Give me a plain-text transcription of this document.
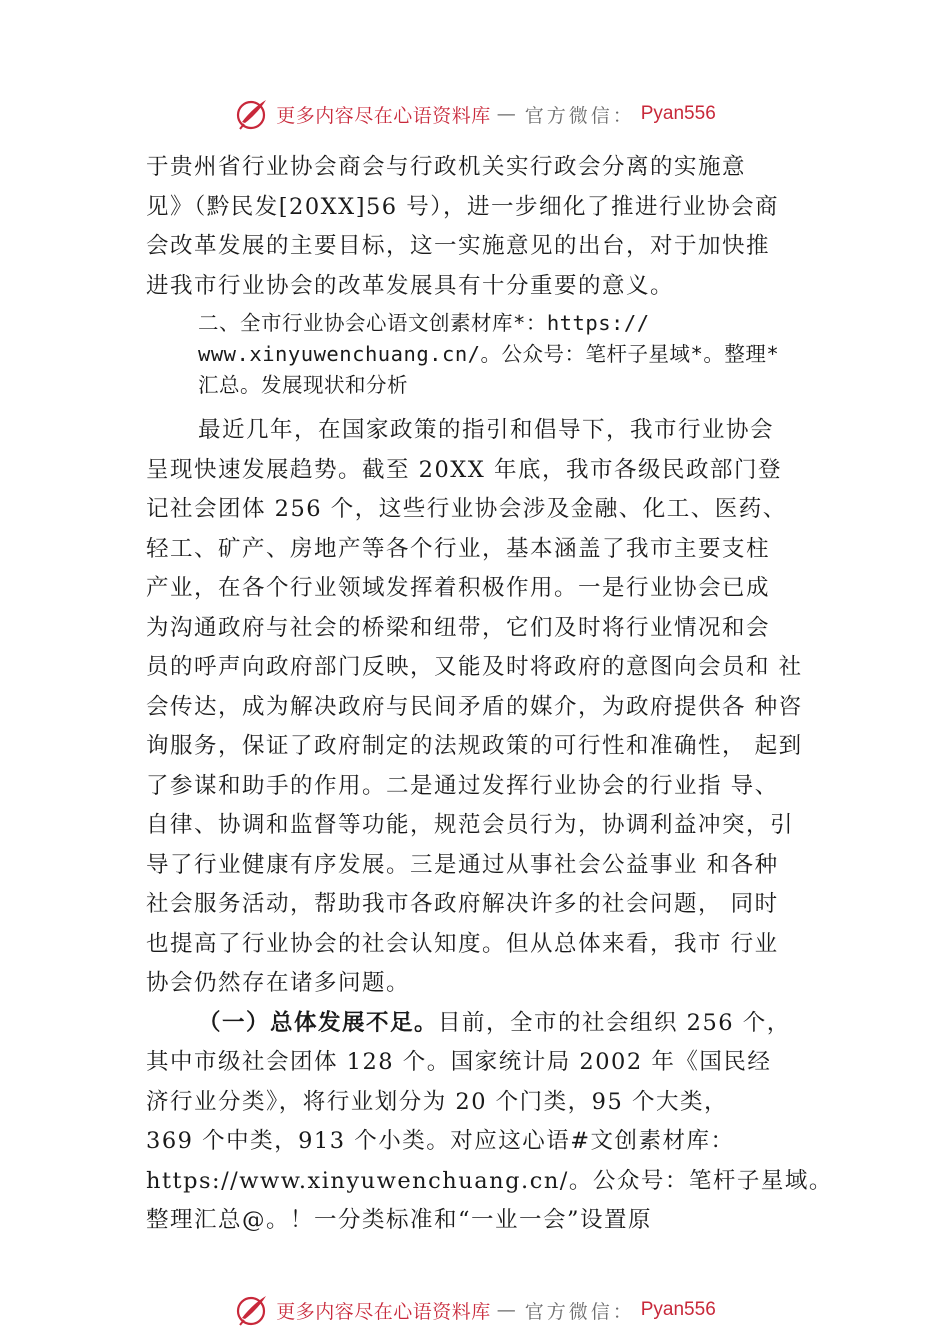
更多内容尽在心语资料库 — 官方微信： Pyan556
于贵州省行业协会商会与行政机关实行政会分离的实施意
见》（黔民发[20XX]56 号），进一步细化了推进行业协会商
会改革发展的主要目标，这一实施意见的出台，对于加快推
进我市行业协会的改革发展具有十分重要的意义。
二、全市行业协会心语文创素材库*：https://
www.xinyuwenchuang.cn/。公众号：笔杆子星域*。整理*
汇总。发展现状和分析
最近几年，在国家政策的指引和倡导下，我市行业协会
呈现快速发展趋势。截至 20XX 年底，我市各级民政部门登
记社会团体 256 个，这些行业协会涉及金融、化工、医药、
轻工、矿产、房地产等各个行业，基本涵盖了我市主要支柱
产业，在各个行业领域发挥着积极作用。一是行业协会已成
为沟通政府与社会的桥梁和纽带，它们及时将行业情况和会
员的呼声向政府部门反映，又能及时将政府的意图向会员和 社
会传达，成为解决政府与民间矛盾的媒介，为政府提供各 种咨
询服务，保证了政府制定的法规政策的可行性和准确性， 起到
了参谋和助手的作用。二是通过发挥行业协会的行业指 导、
自律、协调和监督等功能，规范会员行为，协调利益冲突，引
导了行业健康有序发展。三是通过从事社会公益事业 和各种
社会服务活动，帮助我市各政府解决许多的社会问题， 同时
也提高了行业协会的社会认知度。但从总体来看，我市 行业
协会仍然存在诸多问题。
（一）总体发展不足。目前，全市的社会组织 256 个，
其中市级社会团体 128 个。国家统计局 2002 年《国民经
济行业分类》，将行业划分为 20 个门类，95 个大类，
369 个中类，913 个小类。对应这心语#文创素材库：
https://www.xinyuwenchuang.cn/。公众号：笔杆子星域。
整理汇总@。！一分类标准和“一业一会”设置原
更多内容尽在心语资料库 — 官方微信： Pyan556
